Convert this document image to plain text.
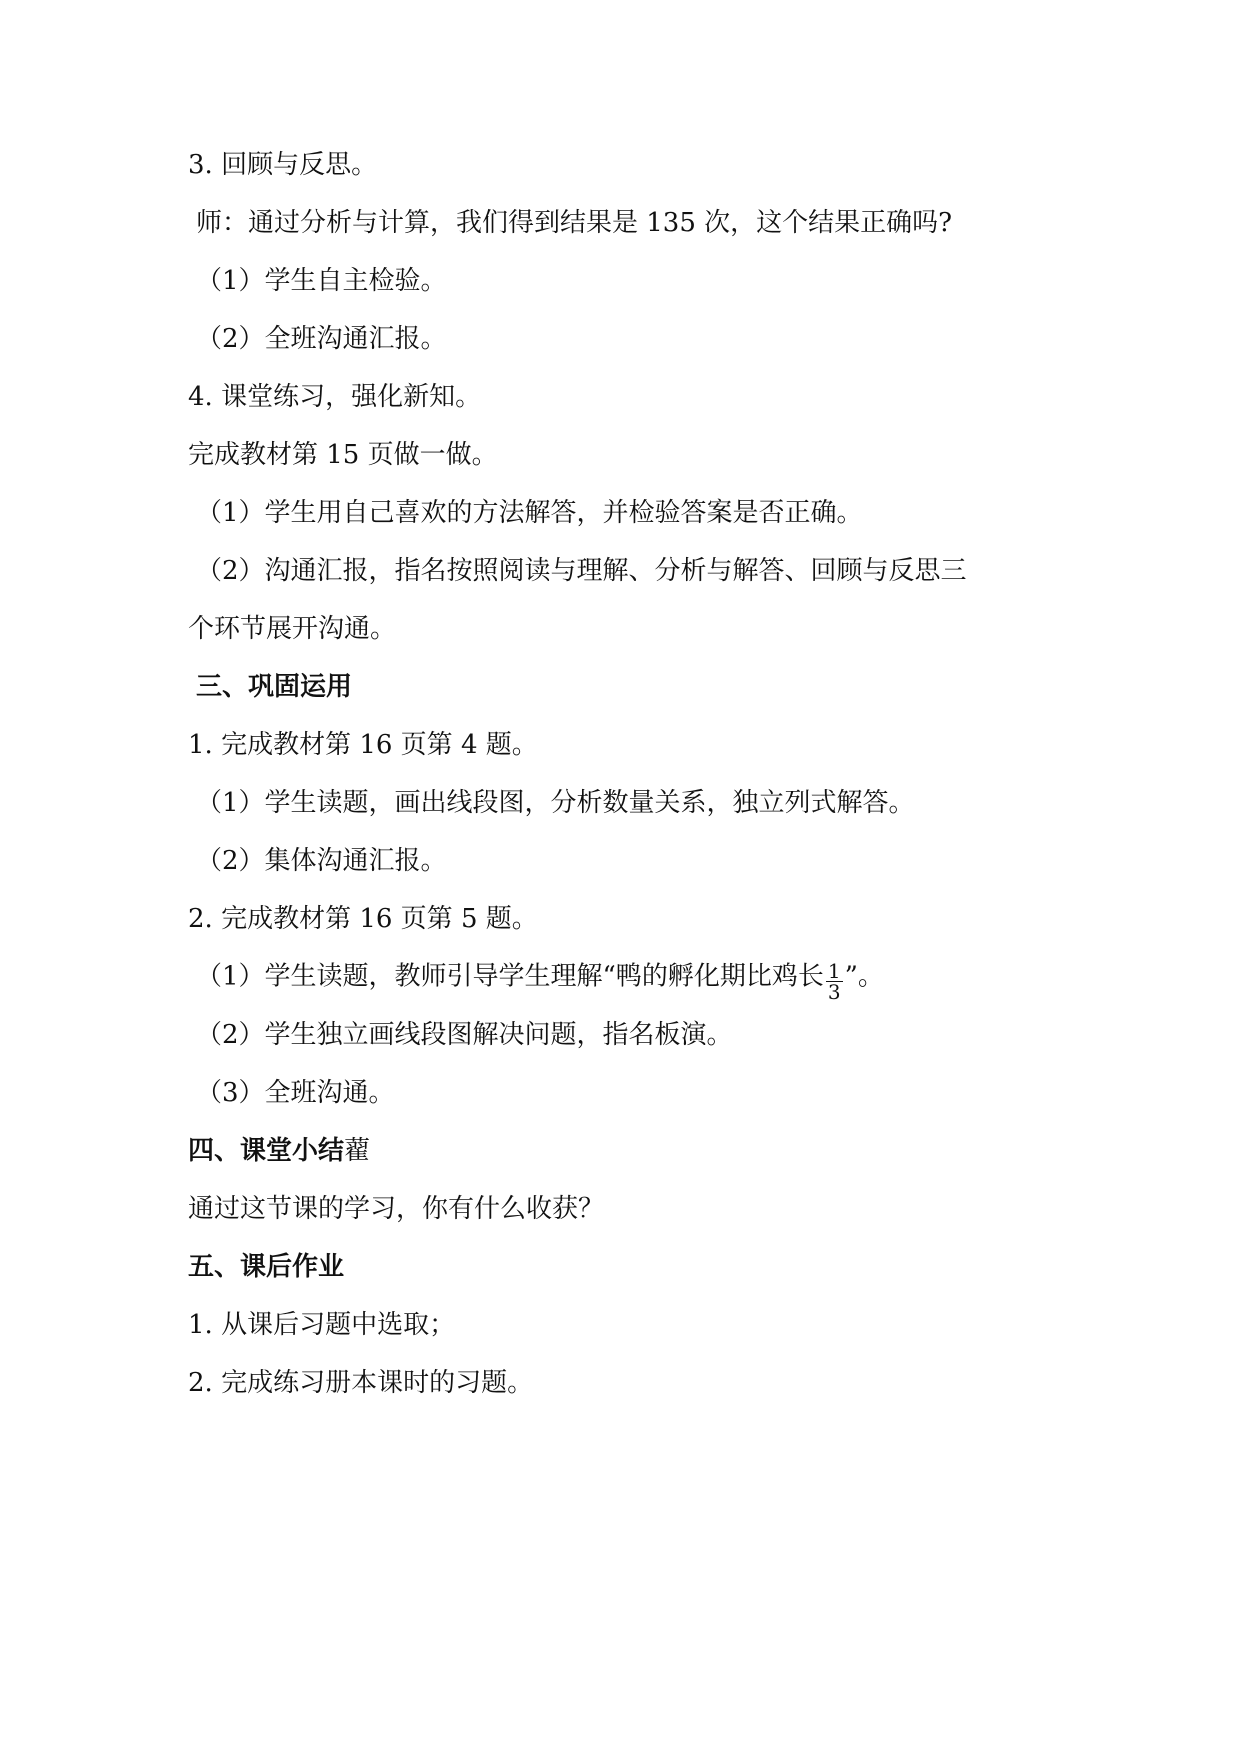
3. 回顾与反思。
师：通过分析与计算，我们得到结果是 135 次，这个结果正确吗?
（1）学生自主检验。
（2）全班沟通汇报。
4. 课堂练习，强化新知。
完成教材第 15 页做一做。
（1）学生用自己喜欢的方法解答，并检验答案是否正确。
（2）沟通汇报，指名按照阅读与理解、分析与解答、回顾与反思三
个环节展开沟通。
三、巩固运用
1. 完成教材第 16 页第 4 题。
（1）学生读题，画出线段图，分析数量关系，独立列式解答。
（2）集体沟通汇报。
2. 完成教材第 16 页第 5 题。
（1）学生读题，教师引导学生理解“鸭的孵化期比鸡长 $\frac{1}{3}$ ”。
（2）学生独立画线段图解决问题，指名板演。
（3）全班沟通。
四、课堂小结藋
通过这节课的学习，你有什么收获？
五、课后作业
1. 从课后习题中选取；
2. 完成练习册本课时的习题。
